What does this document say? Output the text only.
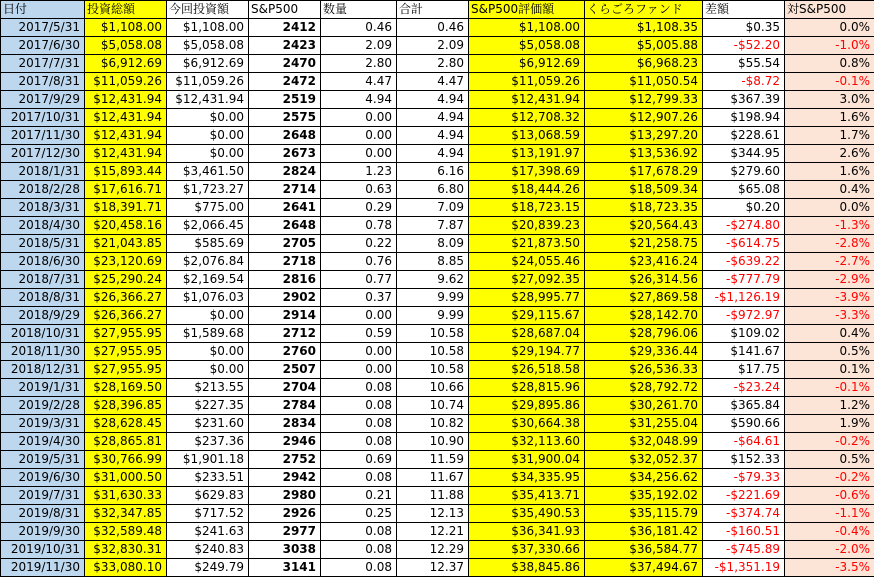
日付	投資総額	今回投資額	S&P500	数量	合計	S&P500評価額	くらごろファンド	差額	対S&P500
2017/5/31	$1,108.00	$1,108.00	2412	0.46	0.46	$1,108.00	$1,108.35	$0.35	0.0%
2017/6/30	$5,058.08	$5,058.08	2423	2.09	2.09	$5,058.08	$5,005.88	-$52.20	-1.0%
2017/7/31	$6,912.69	$6,912.69	2470	2.80	2.80	$6,912.69	$6,968.23	$55.54	0.8%
2017/8/31	$11,059.26	$11,059.26	2472	4.47	4.47	$11,059.26	$11,050.54	-$8.72	-0.1%
2017/9/29	$12,431.94	$12,431.94	2519	4.94	4.94	$12,431.94	$12,799.33	$367.39	3.0%
2017/10/31	$12,431.94	$0.00	2575	0.00	4.94	$12,708.32	$12,907.26	$198.94	1.6%
2017/11/30	$12,431.94	$0.00	2648	0.00	4.94	$13,068.59	$13,297.20	$228.61	1.7%
2017/12/30	$12,431.94	$0.00	2673	0.00	4.94	$13,191.97	$13,536.92	$344.95	2.6%
2018/1/31	$15,893.44	$3,461.50	2824	1.23	6.16	$17,398.69	$17,678.29	$279.60	1.6%
2018/2/28	$17,616.71	$1,723.27	2714	0.63	6.80	$18,444.26	$18,509.34	$65.08	0.4%
2018/3/31	$18,391.71	$775.00	2641	0.29	7.09	$18,723.15	$18,723.35	$0.20	0.0%
2018/4/30	$20,458.16	$2,066.45	2648	0.78	7.87	$20,839.23	$20,564.43	-$274.80	-1.3%
2018/5/31	$21,043.85	$585.69	2705	0.22	8.09	$21,873.50	$21,258.75	-$614.75	-2.8%
2018/6/30	$23,120.69	$2,076.84	2718	0.76	8.85	$24,055.46	$23,416.24	-$639.22	-2.7%
2018/7/31	$25,290.24	$2,169.54	2816	0.77	9.62	$27,092.35	$26,314.56	-$777.79	-2.9%
2018/8/31	$26,366.27	$1,076.03	2902	0.37	9.99	$28,995.77	$27,869.58	-$1,126.19	-3.9%
2018/9/29	$26,366.27	$0.00	2914	0.00	9.99	$29,115.67	$28,142.70	-$972.97	-3.3%
2018/10/31	$27,955.95	$1,589.68	2712	0.59	10.58	$28,687.04	$28,796.06	$109.02	0.4%
2018/11/30	$27,955.95	$0.00	2760	0.00	10.58	$29,194.77	$29,336.44	$141.67	0.5%
2018/12/31	$27,955.95	$0.00	2507	0.00	10.58	$26,518.58	$26,536.33	$17.75	0.1%
2019/1/31	$28,169.50	$213.55	2704	0.08	10.66	$28,815.96	$28,792.72	-$23.24	-0.1%
2019/2/28	$28,396.85	$227.35	2784	0.08	10.74	$29,895.86	$30,261.70	$365.84	1.2%
2019/3/31	$28,628.45	$231.60	2834	0.08	10.82	$30,664.38	$31,255.04	$590.66	1.9%
2019/4/30	$28,865.81	$237.36	2946	0.08	10.90	$32,113.60	$32,048.99	-$64.61	-0.2%
2019/5/31	$30,766.99	$1,901.18	2752	0.69	11.59	$31,900.04	$32,052.37	$152.33	0.5%
2019/6/30	$31,000.50	$233.51	2942	0.08	11.67	$34,335.95	$34,256.62	-$79.33	-0.2%
2019/7/31	$31,630.33	$629.83	2980	0.21	11.88	$35,413.71	$35,192.02	-$221.69	-0.6%
2019/8/31	$32,347.85	$717.52	2926	0.25	12.13	$35,490.53	$35,115.79	-$374.74	-1.1%
2019/9/30	$32,589.48	$241.63	2977	0.08	12.21	$36,341.93	$36,181.42	-$160.51	-0.4%
2019/10/31	$32,830.31	$240.83	3038	0.08	12.29	$37,330.66	$36,584.77	-$745.89	-2.0%
2019/11/30	$33,080.10	$249.79	3141	0.08	12.37	$38,845.86	$37,494.67	-$1,351.19	-3.5%
